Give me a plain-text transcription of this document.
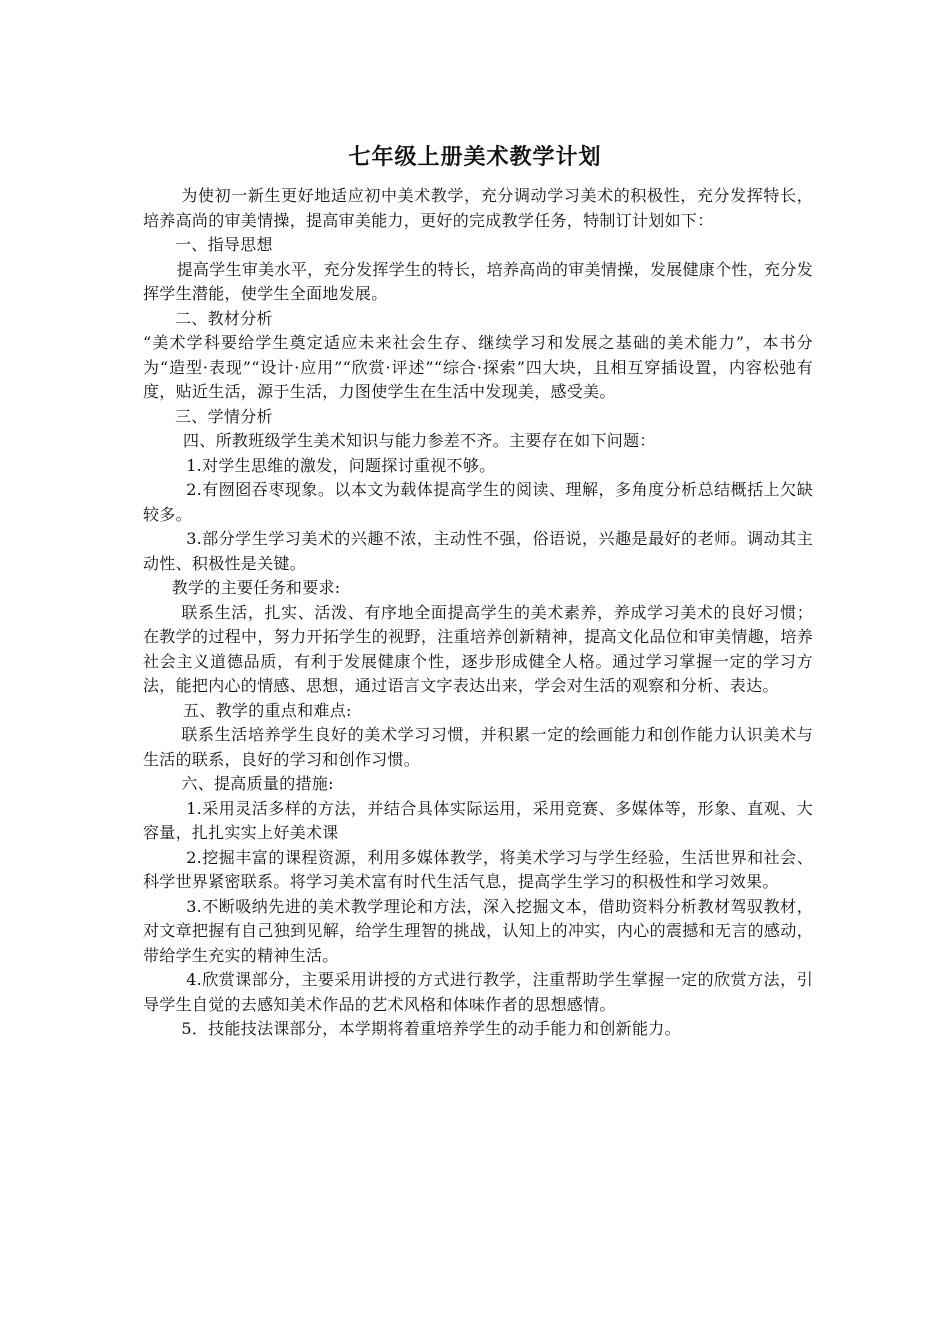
七年级上册美术教学计划

为使初一新生更好地适应初中美术教学，充分调动学习美术的积极性，充分发挥特长，培养高尚的审美情操，提高审美能力，更好的完成教学任务，特制订计划如下：

一、指导思想

提高学生审美水平，充分发挥学生的特长，培养高尚的审美情操，发展健康个性，充分发挥学生潜能，使学生全面地发展。

二、教材分析

“美术学科要给学生奠定适应未来社会生存、继续学习和发展之基础的美术能力”，本书分为“造型·表现”“设计·应用”“欣赏·评述”“综合·探索”四大块，且相互穿插设置，内容松弛有度，贴近生活，源于生活，力图使学生在生活中发现美，感受美。

三、学情分析

四、所教班级学生美术知识与能力参差不齐。主要存在如下问题：

1.对学生思维的激发，问题探讨重视不够。

2.有囫囵吞枣现象。以本文为载体提高学生的阅读、理解，多角度分析总结概括上欠缺较多。

3.部分学生学习美术的兴趣不浓，主动性不强，俗语说，兴趣是最好的老师。调动其主动性、积极性是关键。

教学的主要任务和要求:

联系生活，扎实、活泼、有序地全面提高学生的美术素养，养成学习美术的良好习惯；在教学的过程中，努力开拓学生的视野，注重培养创新精神，提高文化品位和审美情趣，培养社会主义道德品质，有利于发展健康个性，逐步形成健全人格。通过学习掌握一定的学习方法，能把内心的情感、思想，通过语言文字表达出来，学会对生活的观察和分析、表达。

五、教学的重点和难点:

联系生活培养学生良好的美术学习习惯，并积累一定的绘画能力和创作能力认识美术与生活的联系，良好的学习和创作习惯。

六、提高质量的措施:

1.采用灵活多样的方法，并结合具体实际运用，采用竞赛、多媒体等，形象、直观、大容量，扎扎实实上好美术课

2.挖掘丰富的课程资源，利用多媒体教学，将美术学习与学生经验，生活世界和社会、科学世界紧密联系。将学习美术富有时代生活气息，提高学生学习的积极性和学习效果。

3.不断吸纳先进的美术教学理论和方法，深入挖掘文本，借助资料分析教材驾驭教材，对文章把握有自己独到见解，给学生理智的挑战，认知上的冲实，内心的震撼和无言的感动，带给学生充实的精神生活。

4.欣赏课部分，主要采用讲授的方式进行教学，注重帮助学生掌握一定的欣赏方法，引导学生自觉的去感知美术作品的艺术风格和体味作者的思想感情。

5．技能技法课部分，本学期将着重培养学生的动手能力和创新能力。
